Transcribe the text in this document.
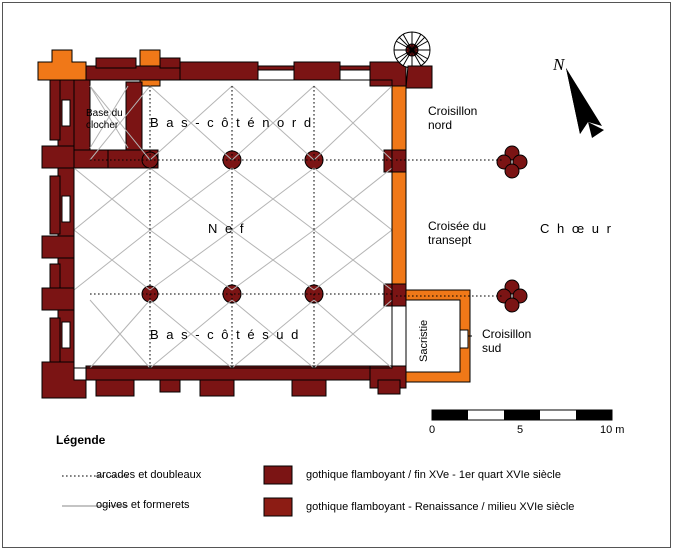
Base du
clocher	B a s - c ô t é n o r d
N e f
B a s - c ô t é s u d
Croisillon
nord
Croisée du
transept
C h œ u r
Croisillon
sud
Sacristie
N
0	5	10 m
Légende
arcades et doubleaux
ogives et formerets
gothique flamboyant / fin XVe - 1er quart XVIe siècle
gothique flamboyant - Renaissance / milieu XVIe siècle
